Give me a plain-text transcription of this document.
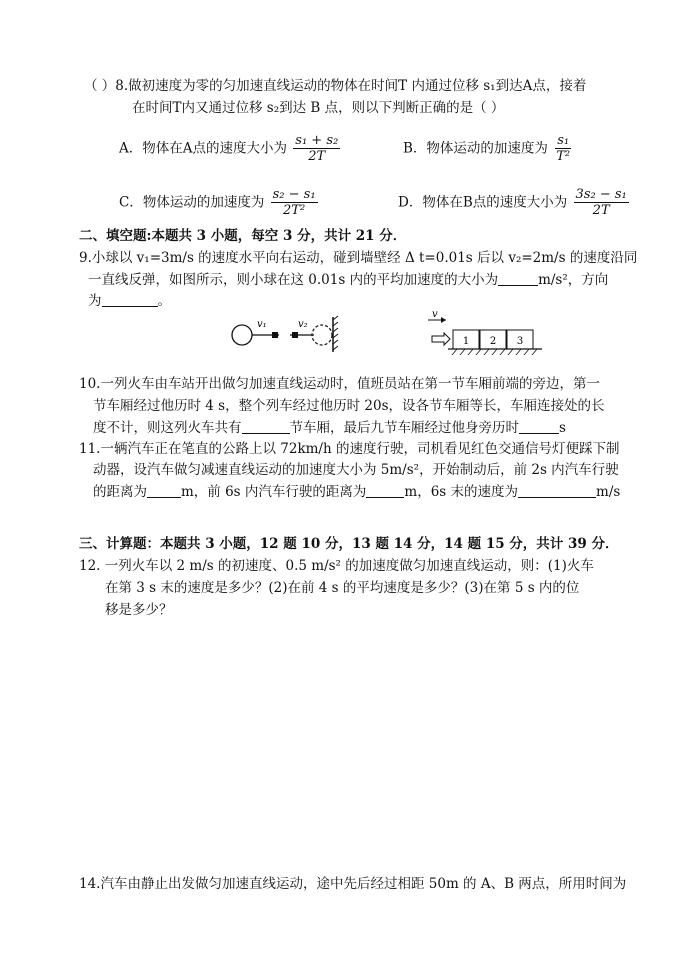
（ ）8.做初速度为零的匀加速直线运动的物体在时间T 内通过位移 s₁到达A点，接着
在时间T内又通过位移 s₂到达 B 点，则以下判断正确的是（ ）
A．物体在A点的速度大小为 $\frac{\text{s₁ + s₂}}{2T}$	B．物体运动的加速度为 $\frac{\text{s₁}}{\text{T²}}$
C．物体运动的加速度为 $\frac{\text{s₂ − s₁}}{\text{2T²}}$	D．物体在B点的速度大小为 $\frac{\text{3s₂ − s₁}}{2T}$
二、填空题:本题共 3 小题，每空 3 分，共计 21 分．
9.小球以 v₁=3m/s 的速度水平向右运动，碰到墙壁经 Δ t=0.01s 后以 v₂=2m/s 的速度沿同
一直线反弹，如图所示，则小球在这 0.01s 内的平均加速度的大小为	m/s²，方向
为	。
v₁	v₂
v
1 2 3
10.一列火车由车站开出做匀加速直线运动时，值班员站在第一节车厢前端的旁边，第一
节车厢经过他历时 4 s，整个列车经过他历时 20s，设各节车厢等长，车厢连接处的长
度不计，则这列火车共有	节车厢，最后九节车厢经过他身旁历时	s
11.一辆汽车正在笔直的公路上以 72km/h 的速度行驶，司机看见红色交通信号灯便踩下制
动器，设汽车做匀减速直线运动的加速度大小为 5m/s²，开始制动后，前 2s 内汽车行驶
的距离为	m，前 6s 内汽车行驶的距离为	m，6s 末的速度为	m/s
三、计算题：本题共 3 小题，12 题 10 分，13 题 14 分，14 题 15 分，共计 39 分．
12. 一列火车以 2 m/s 的初速度、0.5 m/s² 的加速度做匀加速直线运动，则：(1)火车
在第 3 s 末的速度是多少？(2)在前 4 s 的平均速度是多少？(3)在第 5 s 内的位
移是多少？
14.汽车由静止出发做匀加速直线运动，途中先后经过相距 50m 的 A、B 两点，所用时间为
